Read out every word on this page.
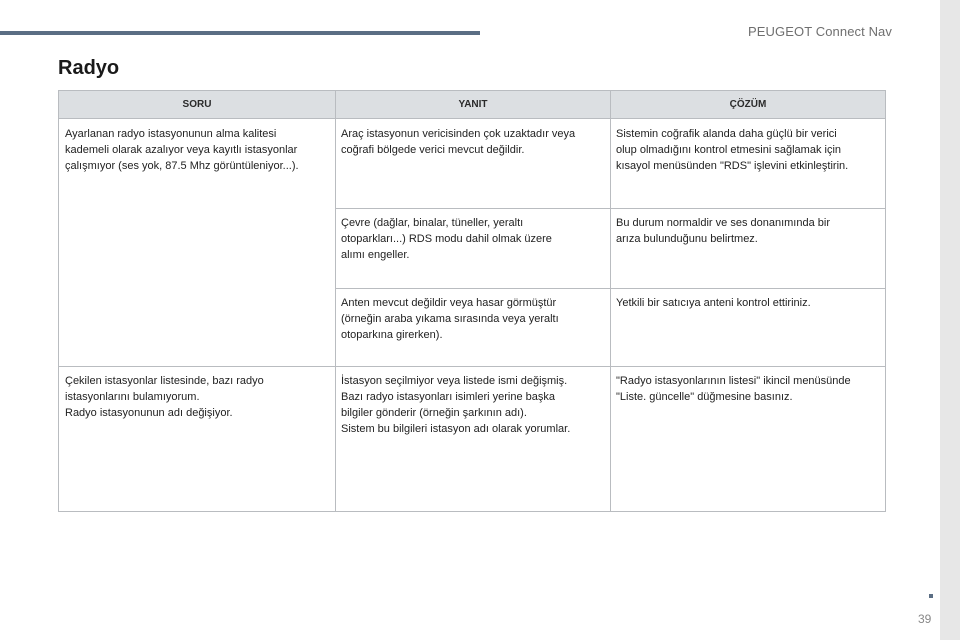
PEUGEOT Connect Nav
Radyo
SORU	YANIT	ÇÖZÜM
Ayarlanan radyo istasyonunun alma kalitesi
kademeli olarak azalıyor veya kayıtlı istasyonlar
çalışmıyor (ses yok, 87.5 Mhz görüntüleniyor...).
Araç istasyonun vericisinden çok uzaktadır veya
coğrafi bölgede verici mevcut değildir.
Sistemin coğrafik alanda daha güçlü bir verici
olup olmadığını kontrol etmesini sağlamak için
kısayol menüsünden "RDS" işlevini etkinleştirin.
Çevre (dağlar, binalar, tüneller, yeraltı
otoparkları...) RDS modu dahil olmak üzere
alımı engeller.
Bu durum normaldir ve ses donanımında bir
arıza bulunduğunu belirtmez.
Anten mevcut değildir veya hasar görmüştür
(örneğin araba yıkama sırasında veya yeraltı
otoparkına girerken).
Yetkili bir satıcıya anteni kontrol ettiriniz.
Çekilen istasyonlar listesinde, bazı radyo
istasyonlarını bulamıyorum.
Radyo istasyonunun adı değişiyor.
İstasyon seçilmiyor veya listede ismi değişmiş.
Bazı radyo istasyonları isimleri yerine başka
bilgiler gönderir (örneğin şarkının adı).
Sistem bu bilgileri istasyon adı olarak yorumlar.
"Radyo istasyonlarının listesi" ikincil menüsünde
"Liste. güncelle" düğmesine basınız.
39
